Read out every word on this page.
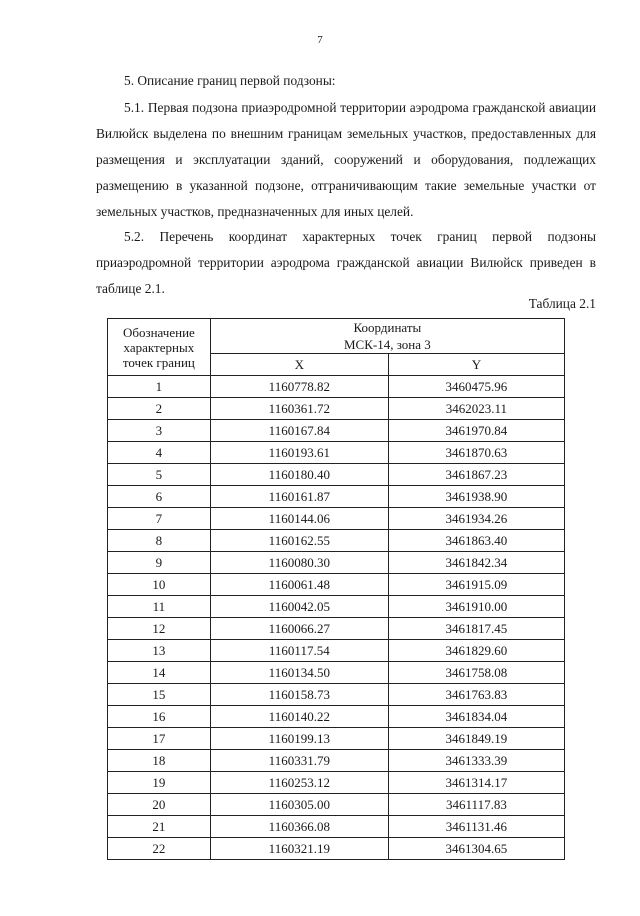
7

5. Описание границ первой подзоны:

5.1. Первая подзона приаэродромной территории аэродрома гражданской авиации Вилюйск выделена по внешним границам земельных участков, предоставленных для размещения и эксплуатации зданий, сооружений и оборудования, подлежащих размещению в указанной подзоне, отграничивающим такие земельные участки от земельных участков, предназначенных для иных целей.

5.2. Перечень координат характерных точек границ первой подзоны приаэродромной территории аэродрома гражданской авиации Вилюйск приведен в таблице 2.1.

Таблица 2.1
Обозначение характерных точек границ	Координаты
МСК-14, зона 3	

	X	Y
1	1160778.82	3460475.96
2	1160361.72	3462023.11
3	1160167.84	3461970.84
4	1160193.61	3461870.63
5	1160180.40	3461867.23
6	1160161.87	3461938.90
7	1160144.06	3461934.26
8	1160162.55	3461863.40
9	1160080.30	3461842.34
10	1160061.48	3461915.09
11	1160042.05	3461910.00
12	1160066.27	3461817.45
13	1160117.54	3461829.60
14	1160134.50	3461758.08
15	1160158.73	3461763.83
16	1160140.22	3461834.04
17	1160199.13	3461849.19
18	1160331.79	3461333.39
19	1160253.12	3461314.17
20	1160305.00	3461117.83
21	1160366.08	3461131.46
22	1160321.19	3461304.65
